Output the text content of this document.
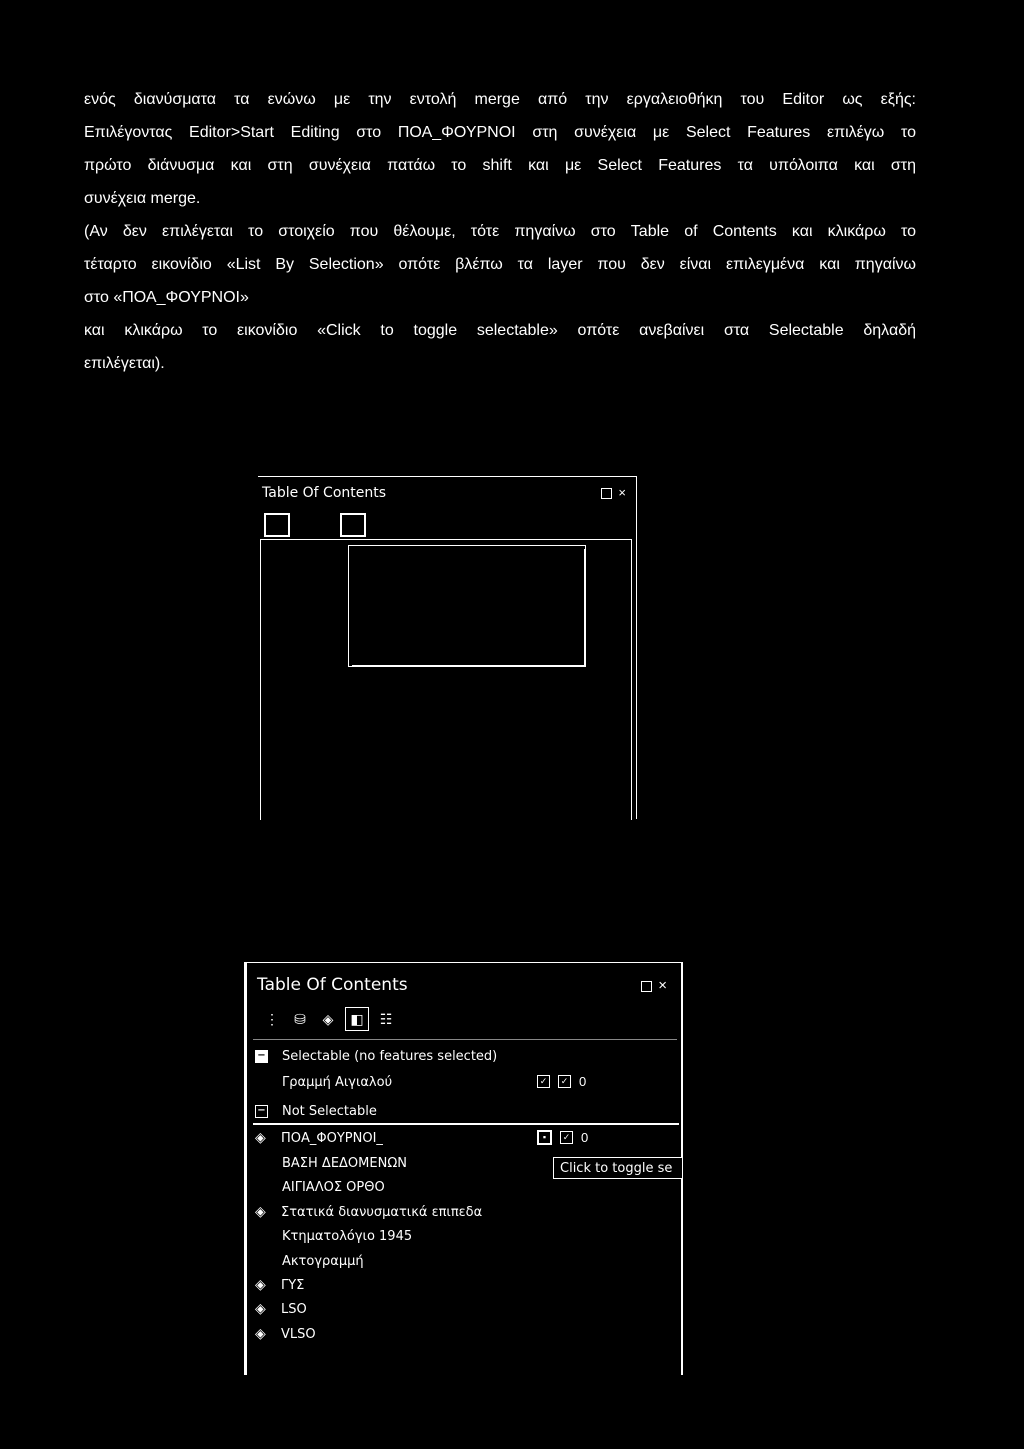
ενός διανύσματα τα ενώνω με την εντολή merge από την εργαλειοθήκη του Editor ως εξής:

Επιλέγοντας Editor>Start Editing στο ΠΟΑ_ΦΟΥΡΝΟΙ στη συνέχεια με Select Features επιλέγω το

πρώτο διάνυσμα και στη συνέχεια πατάω το shift και με Select Features τα υπόλοιπα και στη

συνέχεια merge.

(Αν δεν επιλέγεται το στοιχείο που θέλουμε, τότε πηγαίνω στο Table of Contents και κλικάρω το

τέταρτο εικονίδιο «List By Selection» οπότε βλέπω τα layer που δεν είναι επιλεγμένα και πηγαίνω

στο «ΠΟΑ_ΦΟΥΡΝΟΙ»

και κλικάρω το εικονίδιο «Click to toggle selectable» οπότε ανεβαίνει στα Selectable δηλαδή

επιλέγεται).

Table Of Contents	×
Table Of Contents	×
⋮	⛁	◈	◧	☷
− Selectable (no features selected)
Γραμμή Αιγιαλού	✓	✓ 0
− Not Selectable
◈	ΠΟΑ_ΦΟΥΡΝΟΙ_	▪	✓ 0
Click to toggle se
ΒΑΣΗ ΔΕΔΟΜΕΝΩΝ
ΑΙΓΙΑΛΟΣ ΟΡΘΟ
◈	Στατικά διανυσματικά επιπεδα
Κτηματολόγιο 1945
Ακτογραμμή
◈	ΓΥΣ
◈	LSO
◈	VLSO
